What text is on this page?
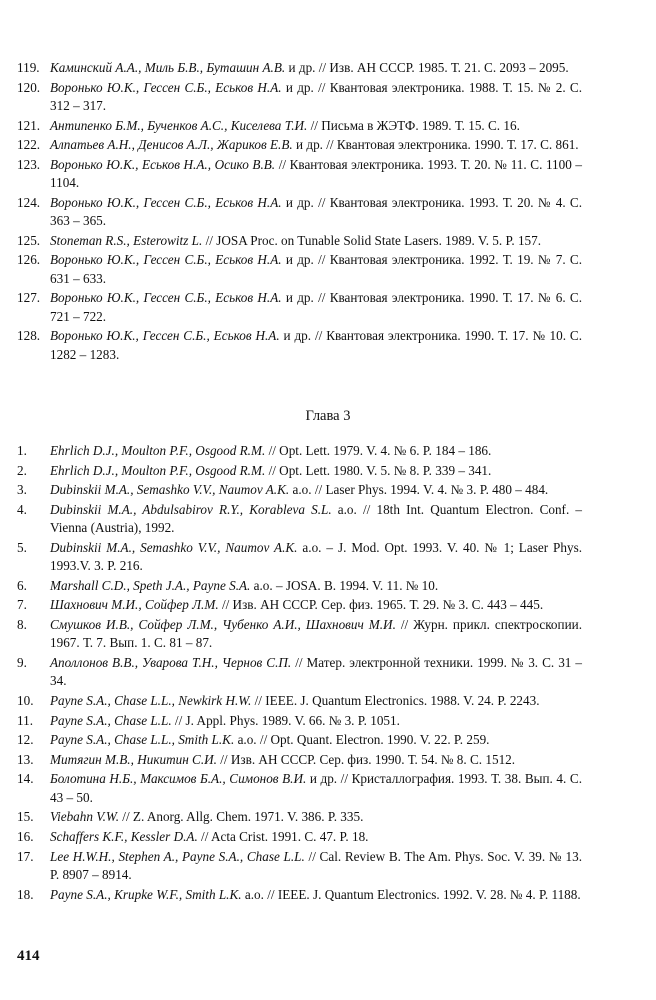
119. Каминский А.А., Миль Б.В., Буташин А.В. и др. // Изв. АН СССР. 1985. Т. 21. С. 2093 – 2095.
120. Воронько Ю.К., Гессен С.Б., Еськов Н.А. и др. // Квантовая электроника. 1988. Т. 15. № 2. С. 312 – 317.
121. Антипенко Б.М., Бученков А.С., Киселева Т.И. // Письма в ЖЭТФ. 1989. Т. 15. С. 16.
122. Алпатьев А.Н., Денисов А.Л., Жариков Е.В. и др. // Квантовая электроника. 1990. Т. 17. С. 861.
123. Воронько Ю.К., Еськов Н.А., Осико В.В. // Квантовая электроника. 1993. Т. 20. № 11. С. 1100 – 1104.
124. Воронько Ю.К., Гессен С.Б., Еськов Н.А. и др. // Квантовая электроника. 1993. Т. 20. № 4. С. 363 – 365.
125. Stoneman R.S., Esterowitz L. // JOSA Proc. on Tunable Solid State Lasers. 1989. V. 5. P. 157.
126. Воронько Ю.К., Гессен С.Б., Еськов Н.А. и др. // Квантовая электроника. 1992. Т. 19. № 7. С. 631 – 633.
127. Воронько Ю.К., Гессен С.Б., Еськов Н.А. и др. // Квантовая электроника. 1990. Т. 17. № 6. С. 721 – 722.
128. Воронько Ю.К., Гессен С.Б., Еськов Н.А. и др. // Квантовая электроника. 1990. Т. 17. № 10. С. 1282 – 1283.
Глава 3
1.	Ehrlich D.J., Moulton P.F., Osgood R.M. // Opt. Lett. 1979. V. 4. № 6. P. 184 – 186.
2.	Ehrlich D.J., Moulton P.F., Osgood R.M. // Opt. Lett. 1980. V. 5. № 8. P. 339 – 341.
3.	Dubinskii M.A., Semashko V.V., Naumov A.K. a.o. // Laser Phys. 1994. V. 4. № 3. P. 480 – 484.
4.	Dubinskii M.A., Abdulsabirov R.Y., Korableva S.L. a.o. // 18th Int. Quantum Electron. Conf. – Vienna (Austria), 1992.
5.	Dubinskii M.A., Semashko V.V., Naumov A.K. a.o. – J. Mod. Opt. 1993. V. 40. № 1; Laser Phys. 1993.V. 3. P. 216.
6.	Marshall C.D., Speth J.A., Payne S.A. a.o. – JOSA. B. 1994. V. 11. № 10.
7.	Шахнович М.И., Сойфер Л.М. // Изв. АН СССР. Сер. физ. 1965. Т. 29. № 3. С. 443 – 445.
8.	Смушков И.В., Сойфер Л.М., Чубенко А.И., Шахнович М.И. // Журн. прикл. спектроскопии. 1967. Т. 7. Вып. 1. С. 81 – 87.
9.	Аполлонов В.В., Уварова Т.Н., Чернов С.П. // Матер. электронной техники. 1999. № 3. С. 31 – 34.
10.	Payne S.A., Chase L.L., Newkirk H.W. // IEEE. J. Quantum Electronics. 1988. V. 24. P. 2243.
11.	Payne S.A., Chase L.L. // J. Appl. Phys. 1989. V. 66. № 3. P. 1051.
12.	Payne S.A., Chase L.L., Smith L.K. a.o. // Opt. Quant. Electron. 1990. V. 22. P. 259.
13.	Митягин М.В., Никитин С.И. // Изв. АН СССР. Сер. физ. 1990. Т. 54. № 8. С. 1512.
14.	Болотина Н.Б., Максимов Б.А., Симонов В.И. и др. // Кристаллография. 1993. Т. 38. Вып. 4. С. 43 – 50.
15.	Viebahn V.W. // Z. Anorg. Allg. Chem. 1971. V. 386. P. 335.
16.	Schaffers K.F., Kessler D.A. // Acta Crist. 1991. C. 47. P. 18.
17.	Lee H.W.H., Stephen A., Payne S.A., Chase L.L. // Cal. Review B. The Am. Phys. Soc. V. 39. № 13. P. 8907 – 8914.
18.	Payne S.A., Krupke W.F., Smith L.K. a.o. // IEEE. J. Quantum Electronics. 1992. V. 28. № 4. P. 1188.
414
